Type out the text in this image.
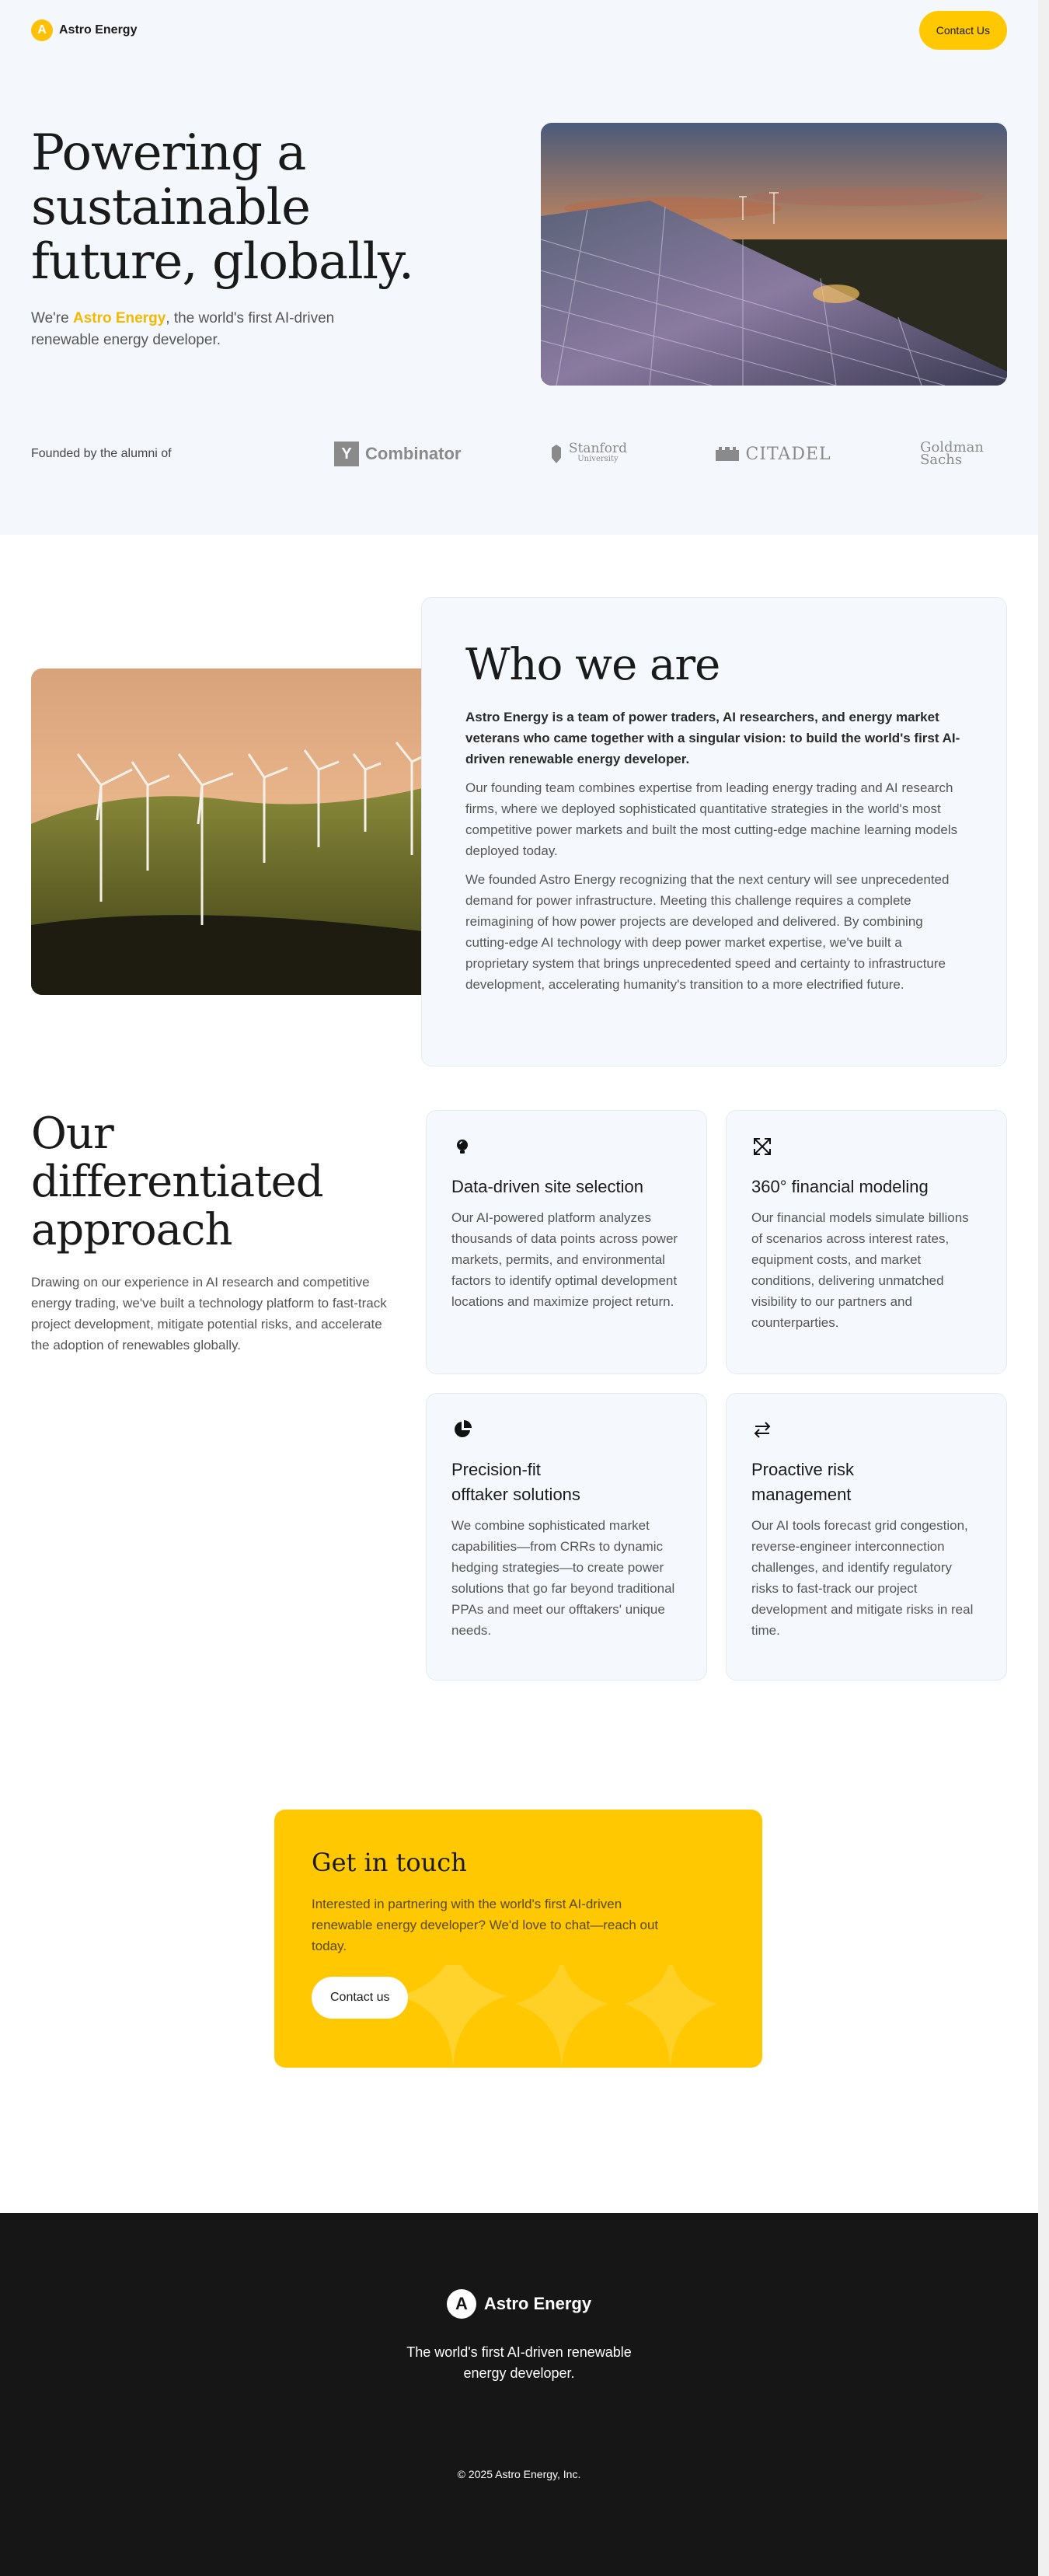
A	Astro Energy	Contact Us
Powering a
sustainable
future, globally.

We're Astro Energy, the world's first AI-driven renewable energy developer.

Founded by the alumni of	Y Combinator	Stanford
University	CITADEL	Goldman
Sachs
Who we are

Astro Energy is a team of power traders, AI researchers, and energy market veterans who came together with a singular vision: to build the world's first AI-driven renewable energy developer.

Our founding team combines expertise from leading energy trading and AI research firms, where we deployed sophisticated quantitative strategies in the world's most competitive power markets and built the most cutting-edge machine learning models deployed today.

We founded Astro Energy recognizing that the next century will see unprecedented demand for power infrastructure. Meeting this challenge requires a complete reimagining of how power projects are developed and delivered. By combining cutting-edge AI technology with deep power market expertise, we've built a proprietary system that brings unprecedented speed and certainty to infrastructure development, accelerating humanity's transition to a more electrified future.

Our differentiated
approach

Drawing on our experience in AI research and competitive energy trading, we've built a technology platform to fast-track project development, mitigate potential risks, and accelerate the adoption of renewables globally.

Data-driven site selection

Our AI-powered platform analyzes thousands of data points across power markets, permits, and environmental factors to identify optimal development locations and maximize project return.

360° financial modeling

Our financial models simulate billions of scenarios across interest rates, equipment costs, and market conditions, delivering unmatched visibility to our partners and counterparties.

Precision-fit
offtaker solutions

We combine sophisticated market capabilities—from CRRs to dynamic hedging strategies—to create power solutions that go far beyond traditional PPAs and meet our offtakers' unique needs.

Proactive risk
management

Our AI tools forecast grid congestion, reverse-engineer interconnection challenges, and identify regulatory risks to fast-track our project development and mitigate risks in real time.

Get in touch

Interested in partnering with the world's first AI-driven renewable energy developer? We'd love to chat—reach out today.

Contact us
A Astro Energy
The world's first AI-driven renewable energy developer.
© 2025 Astro Energy, Inc.
